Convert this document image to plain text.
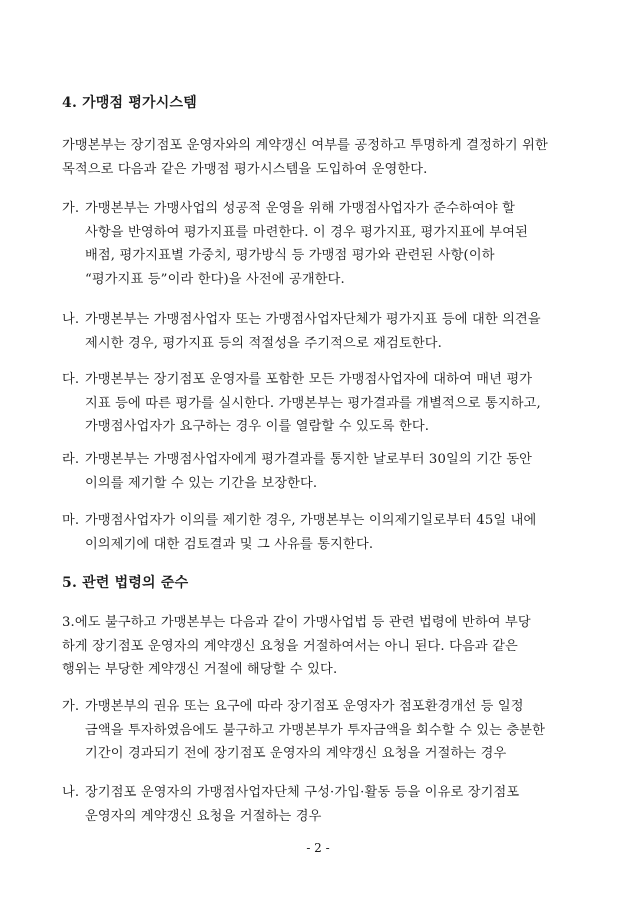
4. 가맹점 평가시스템
가맹본부는 장기점포 운영자와의 계약갱신 여부를 공정하고 투명하게 결정하기 위한
목적으로 다음과 같은 가맹점 평가시스템을 도입하여 운영한다.
가. 가맹본부는 가맹사업의 성공적 운영을 위해 가맹점사업자가 준수하여야 할
사항을 반영하여 평가지표를 마련한다. 이 경우 평가지표, 평가지표에 부여된
배점, 평가지표별 가중치, 평가방식 등 가맹점 평가와 관련된 사항(이하
“평가지표 등”이라 한다)을 사전에 공개한다.
나. 가맹본부는 가맹점사업자 또는 가맹점사업자단체가 평가지표 등에 대한 의견을
제시한 경우, 평가지표 등의 적절성을 주기적으로 재검토한다.
다. 가맹본부는 장기점포 운영자를 포함한 모든 가맹점사업자에 대하여 매년 평가
지표 등에 따른 평가를 실시한다. 가맹본부는 평가결과를 개별적으로 통지하고,
가맹점사업자가 요구하는 경우 이를 열람할 수 있도록 한다.
라. 가맹본부는 가맹점사업자에게 평가결과를 통지한 날로부터 30일의 기간 동안
이의를 제기할 수 있는 기간을 보장한다.
마. 가맹점사업자가 이의를 제기한 경우, 가맹본부는 이의제기일로부터 45일 내에
이의제기에 대한 검토결과 및 그 사유를 통지한다.
5. 관련 법령의 준수
3.에도 불구하고 가맹본부는 다음과 같이 가맹사업법 등 관련 법령에 반하여 부당
하게 장기점포 운영자의 계약갱신 요청을 거절하여서는 아니 된다. 다음과 같은
행위는 부당한 계약갱신 거절에 해당할 수 있다.
가. 가맹본부의 권유 또는 요구에 따라 장기점포 운영자가 점포환경개선 등 일정
금액을 투자하였음에도 불구하고 가맹본부가 투자금액을 회수할 수 있는 충분한
기간이 경과되기 전에 장기점포 운영자의 계약갱신 요청을 거절하는 경우
나. 장기점포 운영자의 가맹점사업자단체 구성·가입·활동 등을 이유로 장기점포
운영자의 계약갱신 요청을 거절하는 경우
- 2 -
